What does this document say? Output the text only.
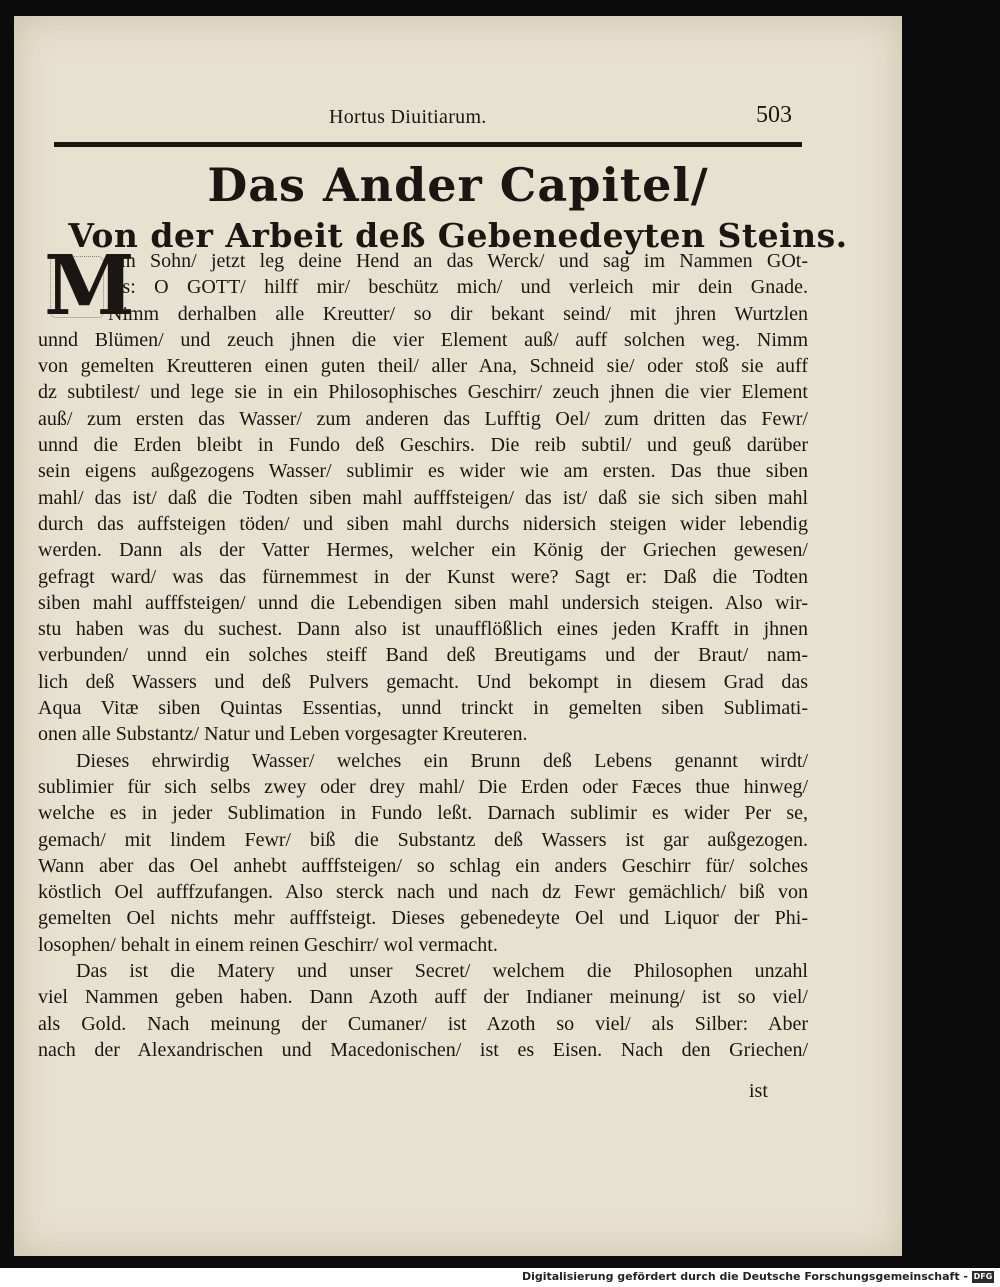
Hortus Diuitiarum.	503
Das Ander Capitel/
Von der Arbeit deß Gebenedeyten Steins.
M
Ein Sohn/ jetzt leg deine Hend an das Werck/ und sag im Nammen GOt-
tes: O GOTT/ hilff mir/ beschütz mich/ und verleich mir dein Gnade.
Nimm derhalben alle Kreutter/ so dir bekant seind/ mit jhren Wurtzlen
unnd Blümen/ und zeuch jhnen die vier Element auß/ auff solchen weg. Nimm
von gemelten Kreutteren einen guten theil/ aller Ana, Schneid sie/ oder stoß sie auff
dz subtilest/ und lege sie in ein Philosophisches Geschirr/ zeuch jhnen die vier Element
auß/ zum ersten das Wasser/ zum anderen das Lufftig Oel/ zum dritten das Fewr/
unnd die Erden bleibt in Fundo deß Geschirs. Die reib subtil/ und geuß darüber
sein eigens außgezogens Wasser/ sublimir es wider wie am ersten. Das thue siben
mahl/ das ist/ daß die Todten siben mahl aufffsteigen/ das ist/ daß sie sich siben mahl
durch das auffsteigen töden/ und siben mahl durchs nidersich steigen wider lebendig
werden. Dann als der Vatter Hermes, welcher ein König der Griechen gewesen/
gefragt ward/ was das fürnemmest in der Kunst were? Sagt er: Daß die Todten
siben mahl aufffsteigen/ unnd die Lebendigen siben mahl undersich steigen. Also wir-
stu haben was du suchest. Dann also ist unaufflößlich eines jeden Krafft in jhnen
verbunden/ unnd ein solches steiff Band deß Breutigams und der Braut/ nam-
lich deß Wassers und deß Pulvers gemacht. Und bekompt in diesem Grad das
Aqua Vitæ siben Quintas Essentias, unnd trinckt in gemelten siben Sublimati-
onen alle Substantz/ Natur und Leben vorgesagter Kreuteren.
Dieses ehrwirdig Wasser/ welches ein Brunn deß Lebens genannt wirdt/
sublimier für sich selbs zwey oder drey mahl/ Die Erden oder Fæces thue hinweg/
welche es in jeder Sublimation in Fundo leßt. Darnach sublimir es wider Per se,
gemach/ mit lindem Fewr/ biß die Substantz deß Wassers ist gar außgezogen.
Wann aber das Oel anhebt aufffsteigen/ so schlag ein anders Geschirr für/ solches
köstlich Oel aufffzufangen. Also sterck nach und nach dz Fewr gemächlich/ biß von
gemelten Oel nichts mehr aufffsteigt. Dieses gebenedeyte Oel und Liquor der Phi-
losophen/ behalt in einem reinen Geschirr/ wol vermacht.
Das ist die Matery und unser Secret/ welchem die Philosophen unzahl
viel Nammen geben haben. Dann Azoth auff der Indianer meinung/ ist so viel/
als Gold. Nach meinung der Cumaner/ ist Azoth so viel/ als Silber: Aber
nach der Alexandrischen und Macedonischen/ ist es Eisen. Nach den Griechen/
ist
Digitalisierung gefördert durch die Deutsche Forschungsgemeinschaft - DFG
